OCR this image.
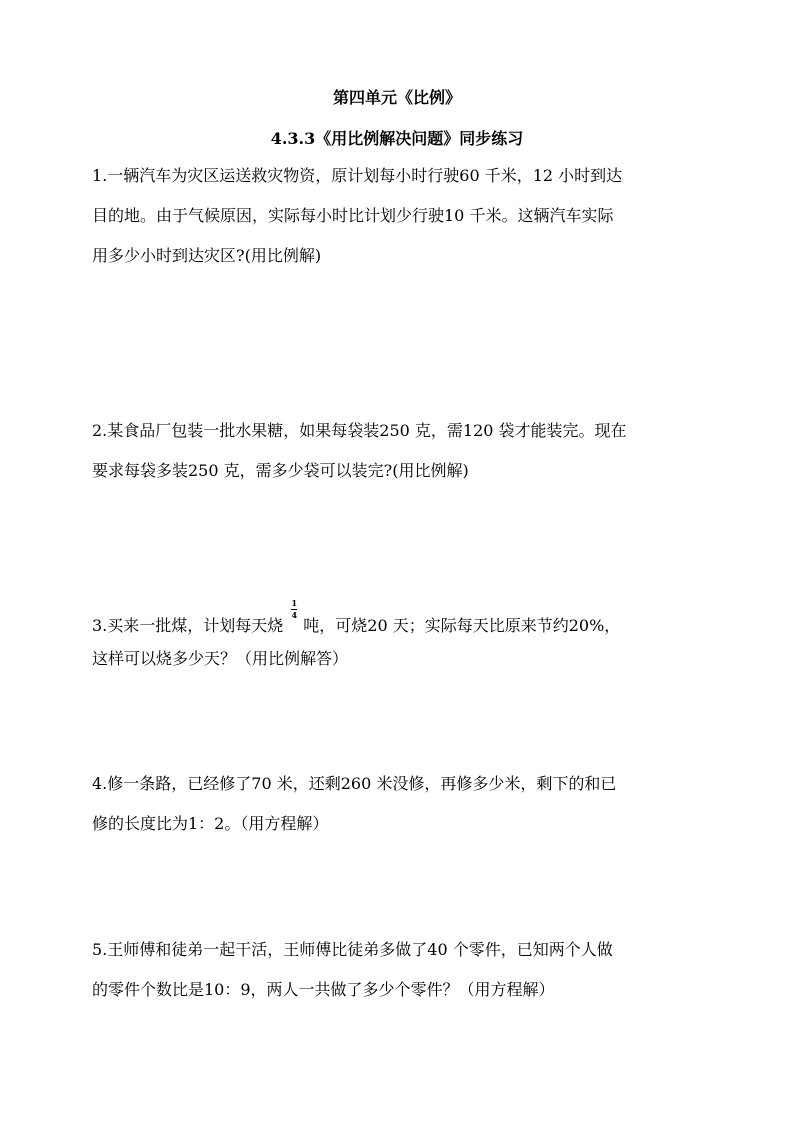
第四单元《比例》
4.3.3《用比例解决问题》同步练习
1.一辆汽车为灾区运送救灾物资，原计划每小时行驶60 千米，12 小时到达
目的地。由于气候原因，实际每小时比计划少行驶10 千米。这辆汽车实际
用多少小时到达灾区?(用比例解)
2.某食品厂包装一批水果糖，如果每袋装250 克，需120 袋才能装完。现在
要求每袋多装250 克，需多少袋可以装完?(用比例解)
3.买来一批煤，计划每天烧
$\frac{1}{4}$
吨，可烧20 天；实际每天比原来节约20%，
这样可以烧多少天？（用比例解答）
4.修一条路，已经修了70 米，还剩260 米没修，再修多少米，剩下的和已
修的长度比为1：2。（用方程解）
5.王师傅和徒弟一起干活，王师傅比徒弟多做了40 个零件，已知两个人做
的零件个数比是10：9，两人一共做了多少个零件？（用方程解）
